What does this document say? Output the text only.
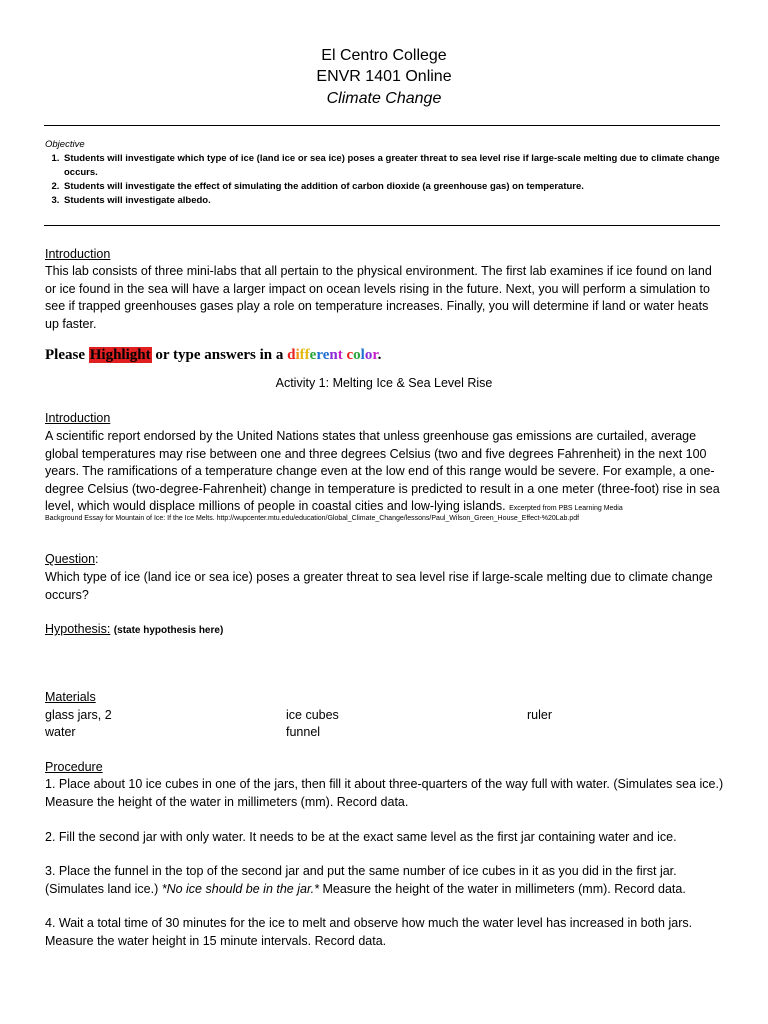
El Centro College
ENVR 1401 Online
Climate Change
Objective
1. Students will investigate which type of ice (land ice or sea ice) poses a greater threat to sea level rise if large-scale melting due to climate change occurs.
2. Students will investigate the effect of simulating the addition of carbon dioxide (a greenhouse gas) on temperature.
3. Students will investigate albedo.
Introduction
This lab consists of three mini-labs that all pertain to the physical environment. The first lab examines if ice found on land or ice found in the sea will have a larger impact on ocean levels rising in the future. Next, you will perform a simulation to see if trapped greenhouses gases play a role on temperature increases. Finally, you will determine if land or water heats up faster.
Please Highlight or type answers in a different color.
Activity 1: Melting Ice & Sea Level Rise
Introduction
A scientific report endorsed by the United Nations states that unless greenhouse gas emissions are curtailed, average global temperatures may rise between one and three degrees Celsius (two and five degrees Fahrenheit) in the next 100 years. The ramifications of a temperature change even at the low end of this range would be severe. For example, a one-degree Celsius (two-degree-Fahrenheit) change in temperature is predicted to result in a one meter (three-foot) rise in sea level, which would displace millions of people in coastal cities and low-lying islands. Excerpted from PBS Learning Media
Background Essay for Mountain of Ice: If the Ice Melts. http://wupcenter.mtu.edu/education/Global_Climate_Change/lessons/Paul_Wilson_Green_House_Effect-%20Lab.pdf
Question:
Which type of ice (land ice or sea ice) poses a greater threat to sea level rise if large-scale melting due to climate change occurs?
Hypothesis: (state hypothesis here)
Materials
glass jars, 2	ice cubes	ruler
water	funnel
Procedure
1. Place about 10 ice cubes in one of the jars, then fill it about three-quarters of the way full with water. (Simulates sea ice.) Measure the height of the water in millimeters (mm). Record data.
2. Fill the second jar with only water. It needs to be at the exact same level as the first jar containing water and ice.
3. Place the funnel in the top of the second jar and put the same number of ice cubes in it as you did in the first jar. (Simulates land ice.) *No ice should be in the jar.* Measure the height of the water in millimeters (mm). Record data.
4. Wait a total time of 30 minutes for the ice to melt and observe how much the water level has increased in both jars. Measure the water height in 15 minute intervals. Record data.
